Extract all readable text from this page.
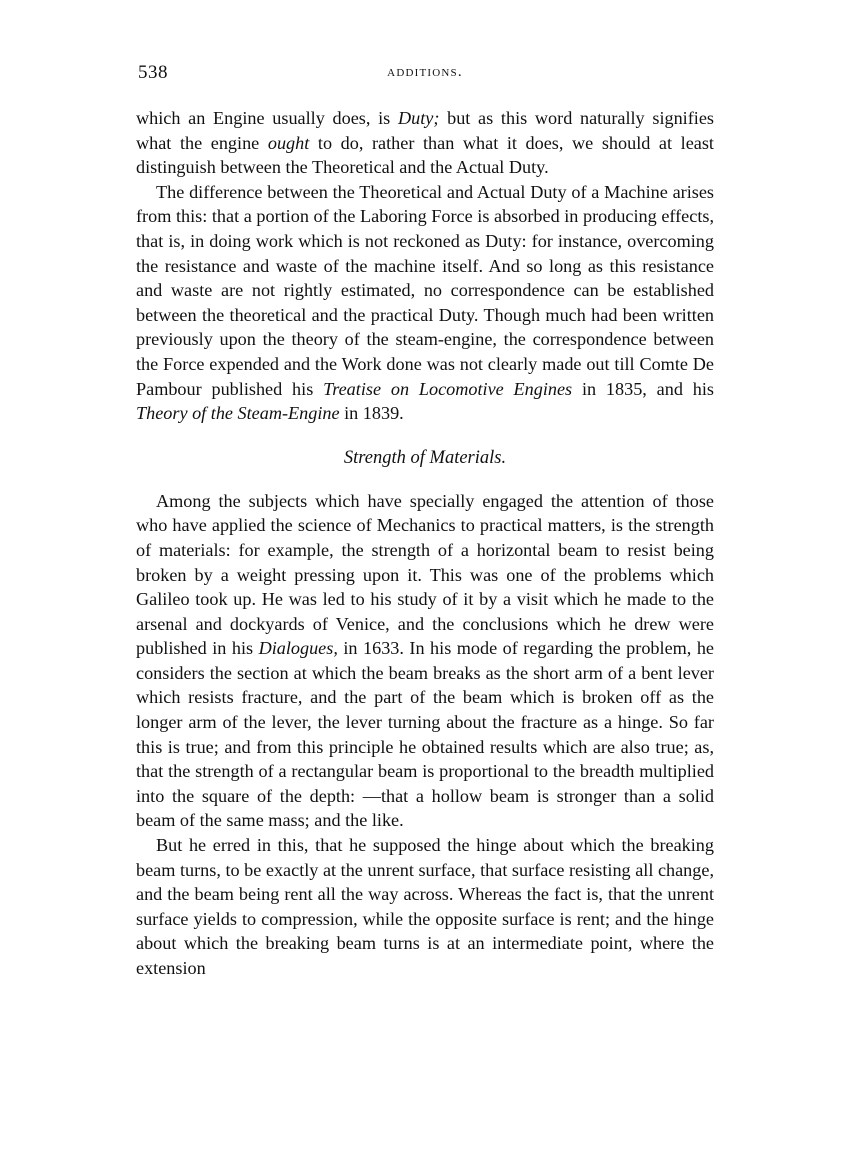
538	additions.

which an Engine usually does, is Duty; but as this word naturally signifies what the engine ought to do, rather than what it does, we should at least distinguish between the Theoretical and the Actual Duty.

The difference between the Theoretical and Actual Duty of a Machine arises from this: that a portion of the Laboring Force is absorbed in producing effects, that is, in doing work which is not reckoned as Duty: for instance, overcoming the resistance and waste of the machine itself. And so long as this resistance and waste are not rightly estimated, no correspondence can be established between the theoretical and the practical Duty. Though much had been written previously upon the theory of the steam-engine, the correspondence between the Force expended and the Work done was not clearly made out till Comte De Pambour published his Treatise on Locomotive Engines in 1835, and his Theory of the Steam-Engine in 1839.

Strength of Materials.

Among the subjects which have specially engaged the attention of those who have applied the science of Mechanics to practical matters, is the strength of materials: for example, the strength of a horizontal beam to resist being broken by a weight pressing upon it. This was one of the problems which Galileo took up. He was led to his study of it by a visit which he made to the arsenal and dockyards of Venice, and the conclusions which he drew were published in his Dialogues, in 1633. In his mode of regarding the problem, he considers the section at which the beam breaks as the short arm of a bent lever which resists fracture, and the part of the beam which is broken off as the longer arm of the lever, the lever turning about the fracture as a hinge. So far this is true; and from this principle he obtained results which are also true; as, that the strength of a rectangular beam is proportional to the breadth multiplied into the square of the depth: —that a hollow beam is stronger than a solid beam of the same mass; and the like.

But he erred in this, that he supposed the hinge about which the breaking beam turns, to be exactly at the unrent surface, that surface resisting all change, and the beam being rent all the way across. Whereas the fact is, that the unrent surface yields to compression, while the opposite surface is rent; and the hinge about which the breaking beam turns is at an intermediate point, where the extension
